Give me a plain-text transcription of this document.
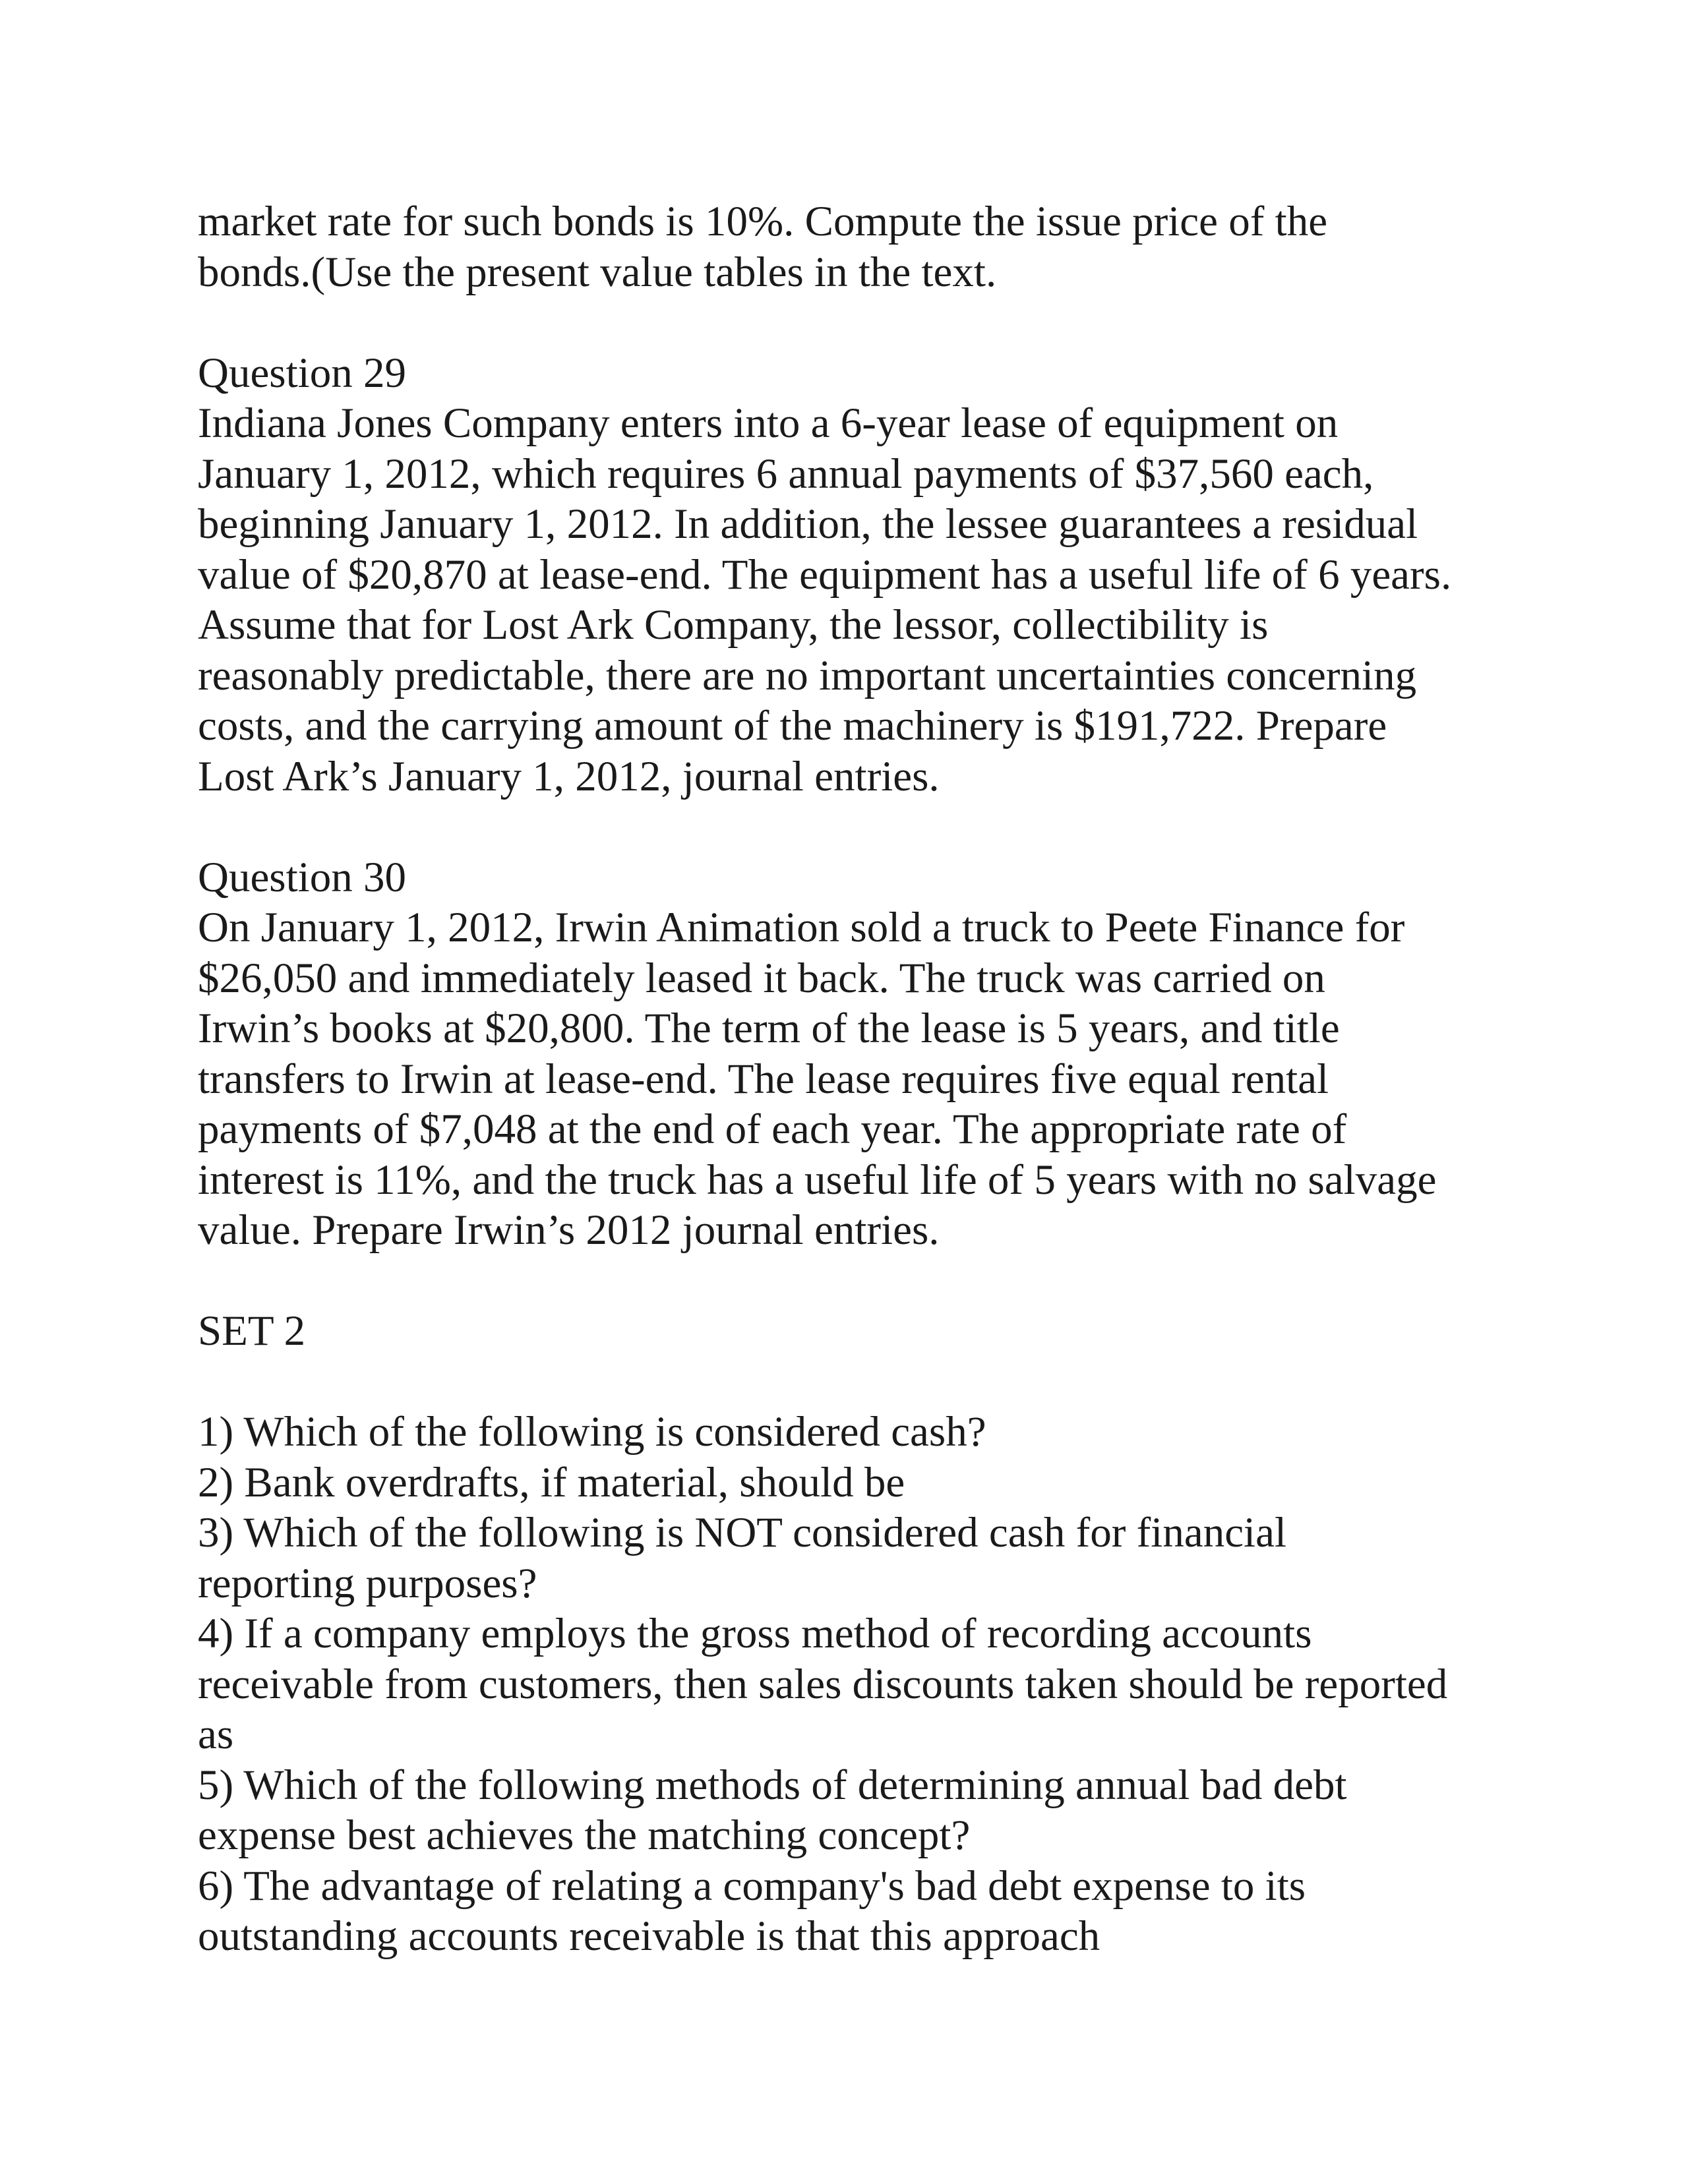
market rate for such bonds is 10%. Compute the issue price of the
bonds.(Use the present value tables in the text.
Question 29
Indiana Jones Company enters into a 6-year lease of equipment on
January 1, 2012, which requires 6 annual payments of $37,560 each,
beginning January 1, 2012. In addition, the lessee guarantees a residual
value of $20,870 at lease-end. The equipment has a useful life of 6 years.
Assume that for Lost Ark Company, the lessor, collectibility is
reasonably predictable, there are no important uncertainties concerning
costs, and the carrying amount of the machinery is $191,722. Prepare
Lost Ark’s January 1, 2012, journal entries.
Question 30
On January 1, 2012, Irwin Animation sold a truck to Peete Finance for
$26,050 and immediately leased it back. The truck was carried on
Irwin’s books at $20,800. The term of the lease is 5 years, and title
transfers to Irwin at lease-end. The lease requires five equal rental
payments of $7,048 at the end of each year. The appropriate rate of
interest is 11%, and the truck has a useful life of 5 years with no salvage
value. Prepare Irwin’s 2012 journal entries.
SET 2
1) Which of the following is considered cash?
2) Bank overdrafts, if material, should be
3) Which of the following is NOT considered cash for financial
reporting purposes?
4) If a company employs the gross method of recording accounts
receivable from customers, then sales discounts taken should be reported
as
5) Which of the following methods of determining annual bad debt
expense best achieves the matching concept?
6) The advantage of relating a company's bad debt expense to its
outstanding accounts receivable is that this approach
